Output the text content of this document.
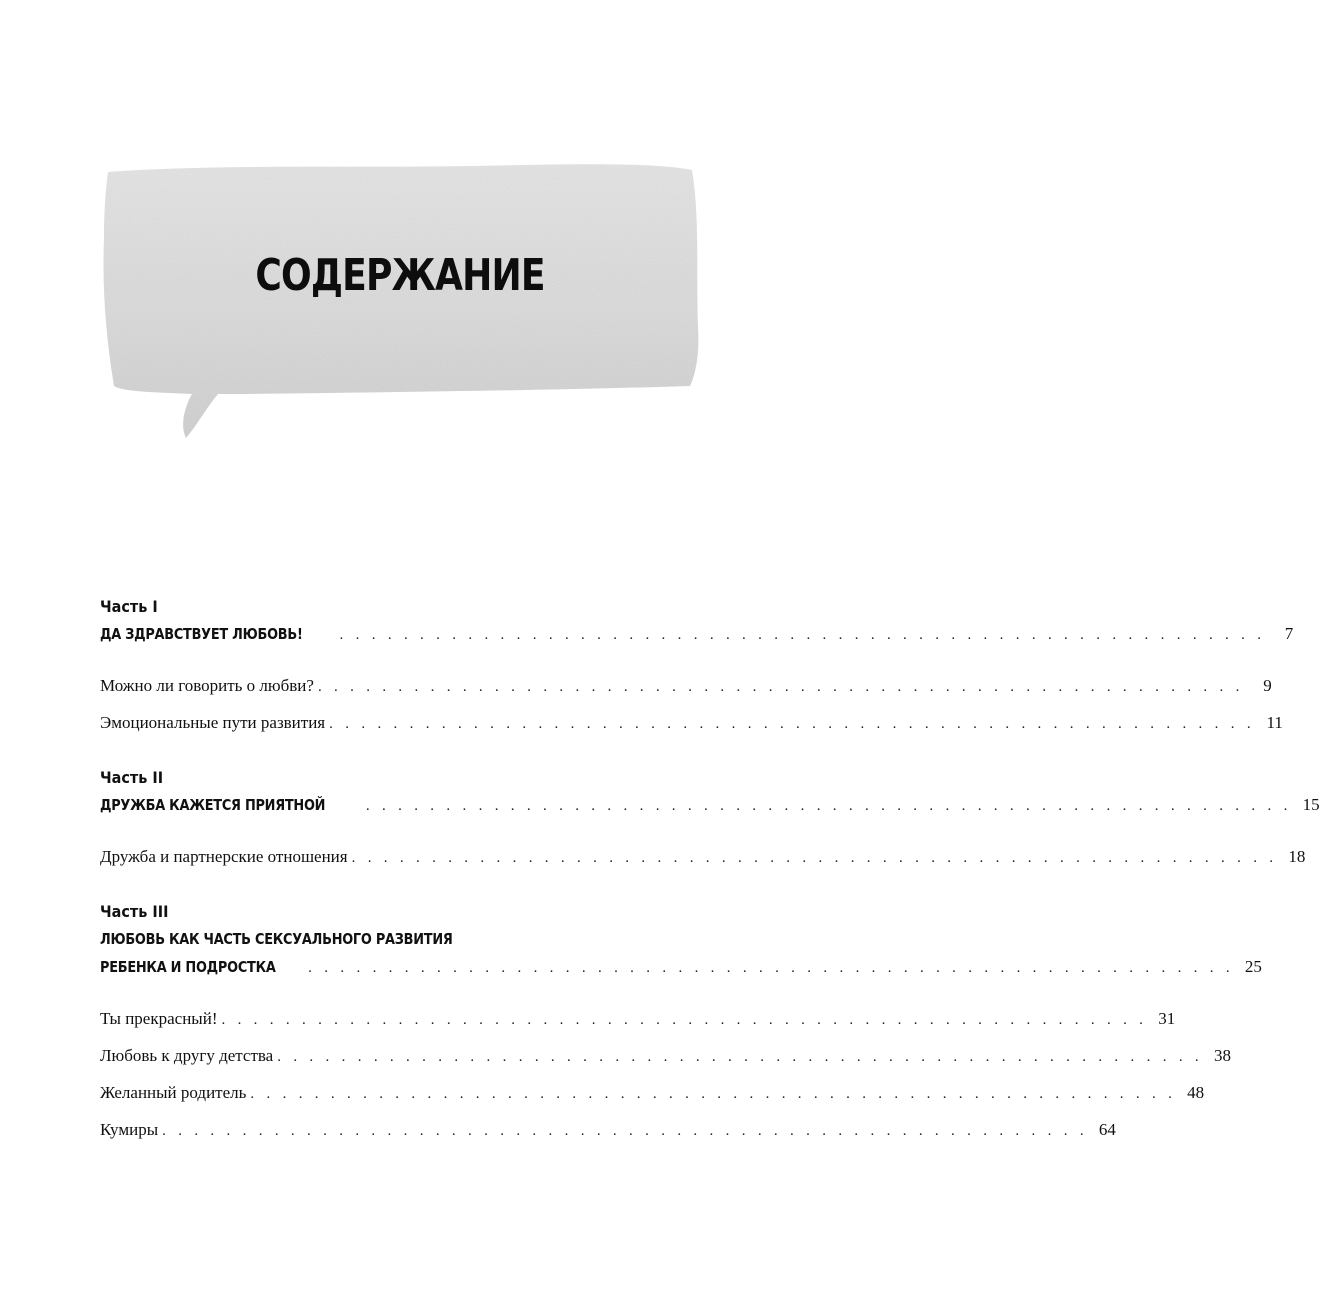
СОДЕРЖАНИЕ
Часть I
ДА ЗДРАВСТВУЕТ ЛЮБОВЬ! . . . . . . . . . . . . . . . . . . . . . . . . . . . . . . . . . . . . . . . . . . . . . . . . . . . . . . . . . .	7
Можно ли говорить о любви? . . . . . . . . . . . . . . . . . . . . . . . . . . . . . . . . . . . . . . . . . . . . . . . . . . . . . . . . . .	9
Эмоциональные пути развития . . . . . . . . . . . . . . . . . . . . . . . . . . . . . . . . . . . . . . . . . . . . . . . . . . . . . . . . . . 11
Часть II
ДРУЖБА КАЖЕТСЯ ПРИЯТНОЙ	. . . . . . . . . . . . . . . . . . . . . . . . . . . . . . . . . . . . . . . . . . . . . . . . . . . . . . . . . . 15
Дружба и партнерские отношения . . . . . . . . . . . . . . . . . . . . . . . . . . . . . . . . . . . . . . . . . . . . . . . . . . . . . . . . . . 18
Часть III
ЛЮБОВЬ КАК ЧАСТЬ СЕКСУАЛЬНОГО РАЗВИТИЯ
РЕБЕНКА И ПОДРОСТКА . . . . . . . . . . . . . . . . . . . . . . . . . . . . . . . . . . . . . . . . . . . . . . . . . . . . . . . . . . 25
Ты прекрасный! . . . . . . . . . . . . . . . . . . . . . . . . . . . . . . . . . . . . . . . . . . . . . . . . . . . . . . . . . . 31
Любовь к другу детства . . . . . . . . . . . . . . . . . . . . . . . . . . . . . . . . . . . . . . . . . . . . . . . . . . . . . . . . . . 38
Желанный родитель . . . . . . . . . . . . . . . . . . . . . . . . . . . . . . . . . . . . . . . . . . . . . . . . . . . . . . . . . . 48
Кумиры . . . . . . . . . . . . . . . . . . . . . . . . . . . . . . . . . . . . . . . . . . . . . . . . . . . . . . . . . . 64
